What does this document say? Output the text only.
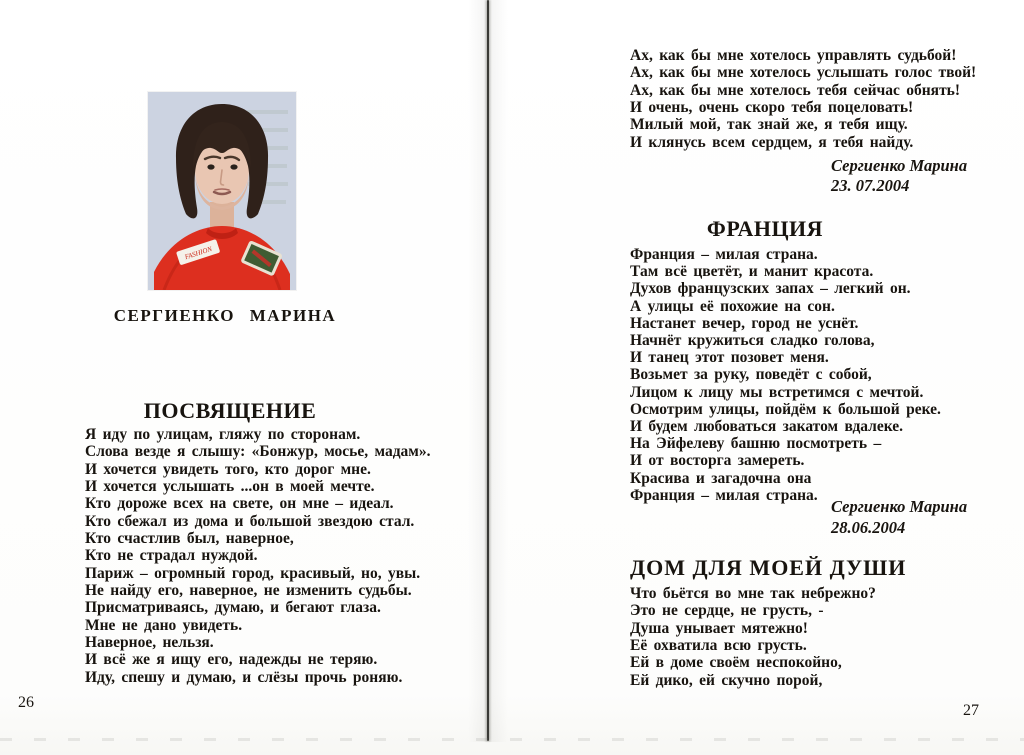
FASHION
СЕРГИЕНКО МАРИНА
ПОСВЯЩЕНИЕ
Я иду по улицам, гляжу по сторонам.
Слова везде я слышу: «Бонжур, мосье, мадам».
И хочется увидеть того, кто дорог мне.
И хочется услышать ...он в моей мечте.
Кто дороже всех на свете, он мне – идеал.
Кто сбежал из дома и большой звездою стал.
Кто счастлив был, наверное,
Кто не страдал нуждой.
Париж – огромный город, красивый, но, увы.
Не найду его, наверное, не изменить судьбы.
Присматриваясь, думаю, и бегают глаза.
Мне не дано увидеть.
Наверное, нельзя.
И всё же я ищу его, надежды не теряю.
Иду, спешу и думаю, и слёзы прочь роняю.
26
Ах, как бы мне хотелось управлять судьбой!
Ах, как бы мне хотелось услышать голос твой!
Ах, как бы мне хотелось тебя сейчас обнять!
И очень, очень скоро тебя поцеловать!
Милый мой, так знай же, я тебя ищу.
И клянусь всем сердцем, я тебя найду.
Сергиенко Марина
23. 07.2004
ФРАНЦИЯ
Франция – милая страна.
Там всё цветёт, и манит красота.
Духов французских запах – легкий он.
А улицы её похожие на сон.
Настанет вечер, город не уснёт.
Начнёт кружиться сладко голова,
И танец этот позовет меня.
Возьмет за руку, поведёт с собой,
Лицом к лицу мы встретимся с мечтой.
Осмотрим улицы, пойдём к большой реке.
И будем любоваться закатом вдалеке.
На Эйфелеву башню посмотреть –
И от восторга замереть.
Красива и загадочна она
Франция – милая страна.
Сергиенко Марина
28.06.2004
ДОМ ДЛЯ МОЕЙ ДУШИ
Что бьётся во мне так небрежно?
Это не сердце, не грусть, -
Душа унывает мятежно!
Её охватила всю грусть.
Ей в доме своём неспокойно,
Ей дико, ей скучно порой,
27
